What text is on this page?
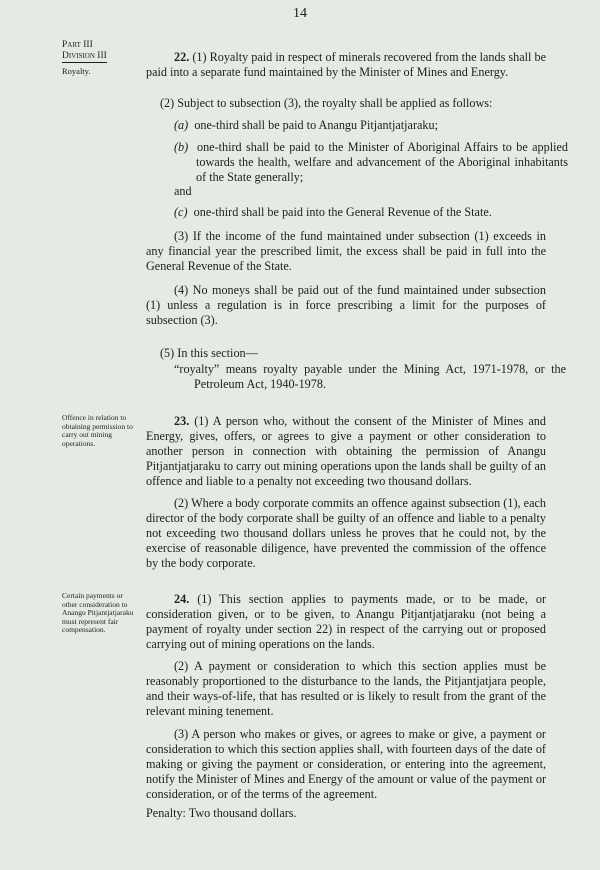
14
Part III
Division III
Royalty.
22. (1) Royalty paid in respect of minerals recovered from the lands shall be paid into a separate fund maintained by the Minister of Mines and Energy.
(2) Subject to subsection (3), the royalty shall be applied as follows:
(a) one-third shall be paid to Anangu Pitjantjatjaraku;
(b) one-third shall be paid to the Minister of Aboriginal Affairs to be applied towards the health, welfare and advancement of the Aboriginal inhabitants of the State generally;
and
(c) one-third shall be paid into the General Revenue of the State.
(3) If the income of the fund maintained under subsection (1) exceeds in any financial year the prescribed limit, the excess shall be paid in full into the General Revenue of the State.
(4) No moneys shall be paid out of the fund maintained under subsection (1) unless a regulation is in force prescribing a limit for the purposes of subsection (3).
(5) In this section—
“royalty” means royalty payable under the Mining Act, 1971-1978, or the Petroleum Act, 1940-1978.
Offence in relation to obtaining permission to carry out mining operations.
23. (1) A person who, without the consent of the Minister of Mines and Energy, gives, offers, or agrees to give a payment or other consideration to another person in connection with obtaining the permission of Anangu Pitjantjatjaraku to carry out mining operations upon the lands shall be guilty of an offence and liable to a penalty not exceeding two thousand dollars.
(2) Where a body corporate commits an offence against subsection (1), each director of the body corporate shall be guilty of an offence and liable to a penalty not exceeding two thousand dollars unless he proves that he could not, by the exercise of reasonable diligence, have prevented the commission of the offence by the body corporate.
Certain payments or other consideration to Anangu Pitjantjatjaraku must represent fair compensation.
24. (1) This section applies to payments made, or to be made, or consideration given, or to be given, to Anangu Pitjantjatjaraku (not being a payment of royalty under section 22) in respect of the carrying out or proposed carrying out of mining operations on the lands.
(2) A payment or consideration to which this section applies must be reasonably proportioned to the disturbance to the lands, the Pitjantjatjara people, and their ways-of-life, that has resulted or is likely to result from the grant of the relevant mining tenement.
(3) A person who makes or gives, or agrees to make or give, a payment or consideration to which this section applies shall, with fourteen days of the date of making or giving the payment or consideration, or entering into the agreement, notify the Minister of Mines and Energy of the amount or value of the payment or consideration, or of the terms of the agreement.
Penalty: Two thousand dollars.
